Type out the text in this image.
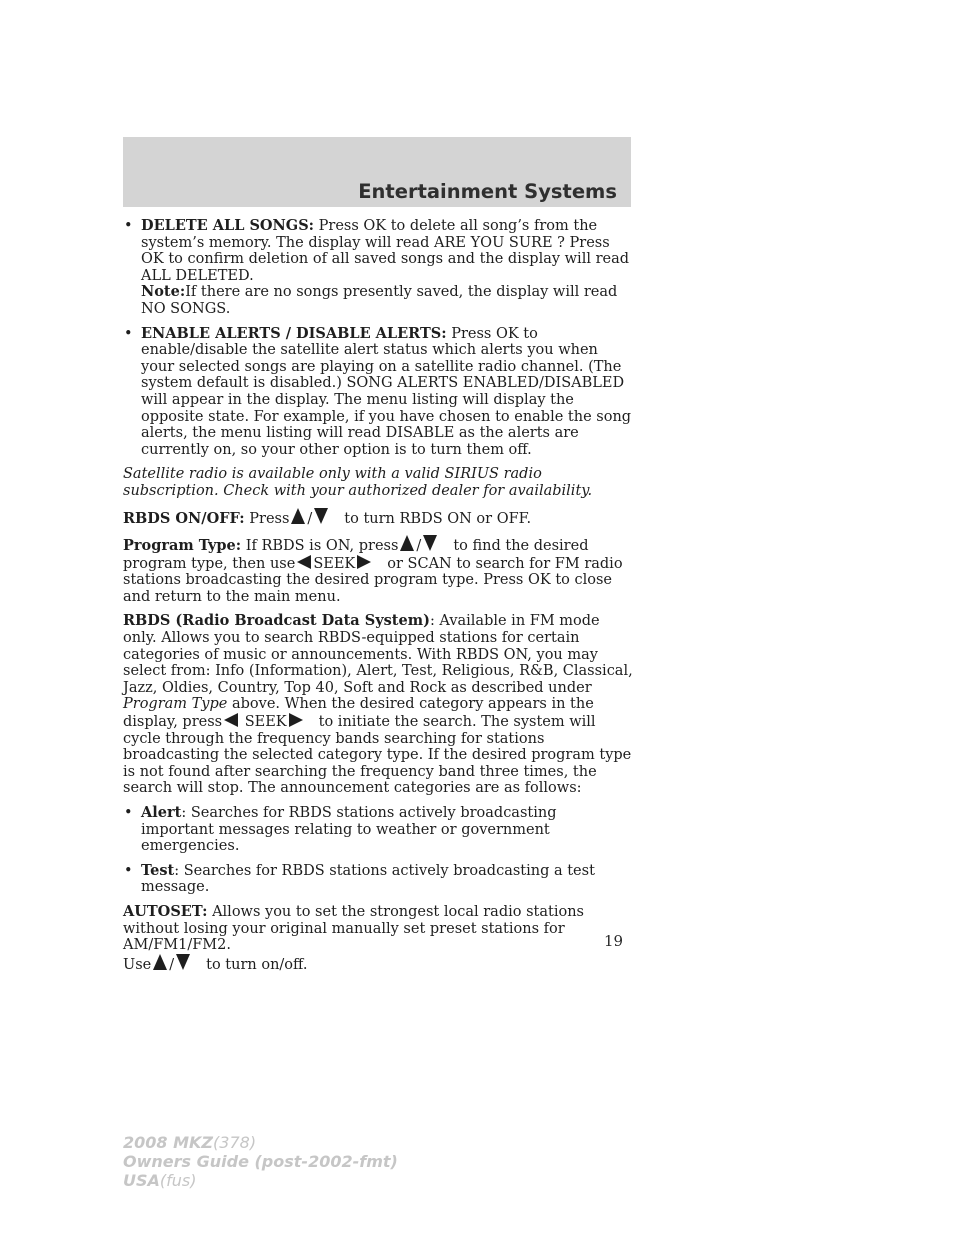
Entertainment Systems
• DELETE ALL SONGS: Press OK to delete all song’s from the system’s memory. The display will read ARE YOU SURE ? Press OK to confirm deletion of all saved songs and the display will read ALL DELETED.
Note:If there are no songs presently saved, the display will read NO SONGS.
• ENABLE ALERTS / DISABLE ALERTS: Press OK to enable/disable the satellite alert status which alerts you when your selected songs are playing on a satellite radio channel. (The system default is disabled.) SONG ALERTS ENABLED/DISABLED will appear in the display. The menu listing will display the opposite state. For example, if you have chosen to enable the song alerts, the menu listing will read DISABLE as the alerts are currently on, so your other option is to turn them off.

Satellite radio is available only with a valid SIRIUS radio subscription. Check with your authorized dealer for availability.

RBDS ON/OFF: Press / to turn RBDS ON or OFF.

Program Type: If RBDS is ON, press / to find the desired program type, then use SEEK or SCAN to search for FM radio stations broadcasting the desired program type. Press OK to close and return to the main menu.

RBDS (Radio Broadcast Data System): Available in FM mode only. Allows you to search RBDS-equipped stations for certain categories of music or announcements. With RBDS ON, you may select from: Info (Information), Alert, Test, Religious, R&B, Classical, Jazz, Oldies, Country, Top 40, Soft and Rock as described under Program Type above. When the desired category appears in the display, press SEEK to initiate the search. The system will cycle through the frequency bands searching for stations broadcasting the selected category type. If the desired program type is not found after searching the frequency band three times, the search will stop. The announcement categories are as follows:

• Alert: Searches for RBDS stations actively broadcasting important messages relating to weather or government emergencies.
• Test: Searches for RBDS stations actively broadcasting a test message.

AUTOSET: Allows you to set the strongest local radio stations without losing your original manually set preset stations for AM/FM1/FM2.
Use / to turn on/off.

19
2008 MKZ(378)
Owners Guide (post-2002-fmt)
USA(fus)
